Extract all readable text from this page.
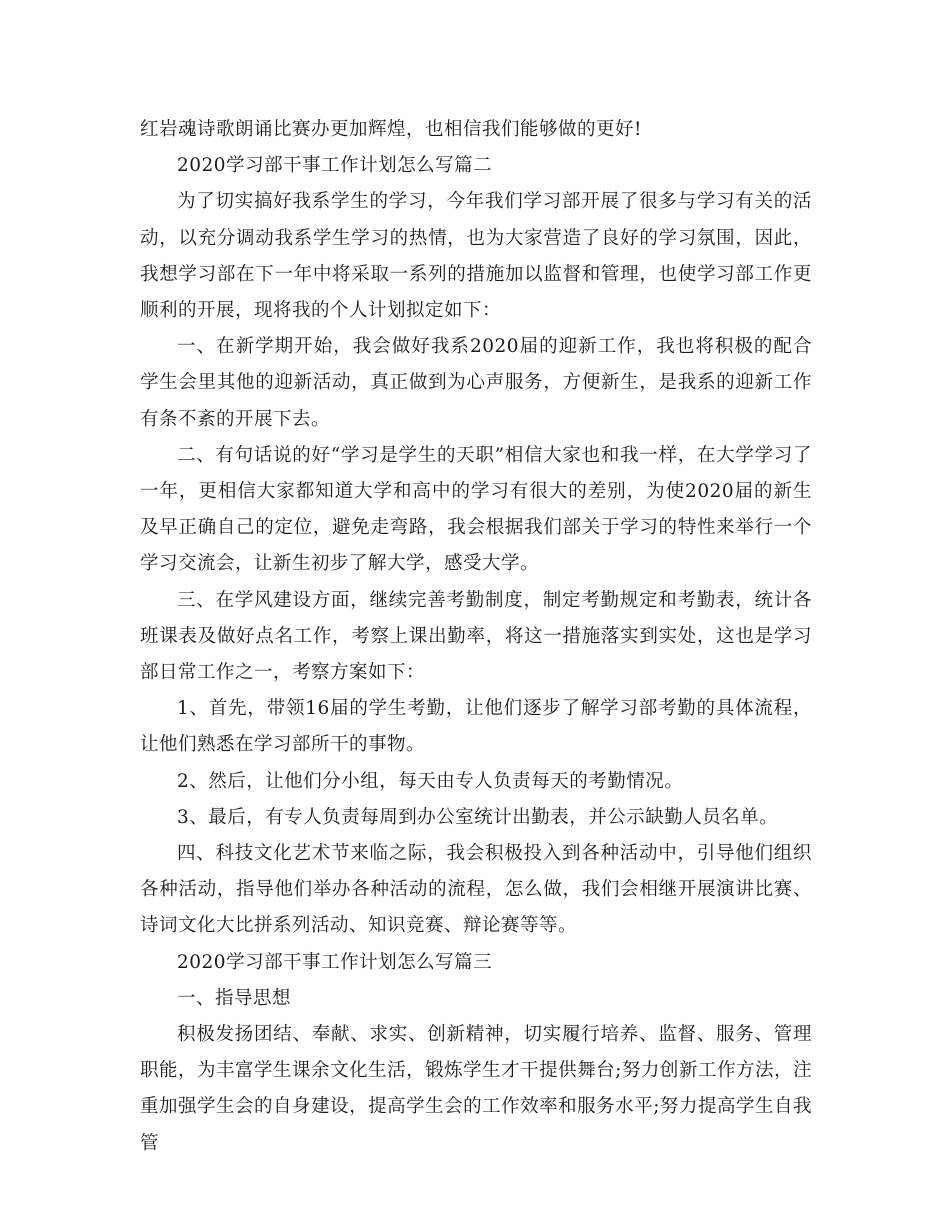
红岩魂诗歌朗诵比赛办更加辉煌，也相信我们能够做的更好!

2020学习部干事工作计划怎么写篇二

为了切实搞好我系学生的学习，今年我们学习部开展了很多与学习有关的活动，以充分调动我系学生学习的热情，也为大家营造了良好的学习氛围，因此，我想学习部在下一年中将采取一系列的措施加以监督和管理，也使学习部工作更顺利的开展，现将我的个人计划拟定如下：

一、在新学期开始，我会做好我系2020届的迎新工作，我也将积极的配合学生会里其他的迎新活动，真正做到为心声服务，方便新生，是我系的迎新工作有条不紊的开展下去。

二、有句话说的好“学习是学生的天职”相信大家也和我一样，在大学学习了一年，更相信大家都知道大学和高中的学习有很大的差别，为使2020届的新生及早正确自己的定位，避免走弯路，我会根据我们部关于学习的特性来举行一个学习交流会，让新生初步了解大学，感受大学。

三、在学风建设方面，继续完善考勤制度，制定考勤规定和考勤表，统计各班课表及做好点名工作，考察上课出勤率，将这一措施落实到实处，这也是学习部日常工作之一，考察方案如下：

1、首先，带领16届的学生考勤，让他们逐步了解学习部考勤的具体流程，让他们熟悉在学习部所干的事物。

2、然后，让他们分小组，每天由专人负责每天的考勤情况。

3、最后，有专人负责每周到办公室统计出勤表，并公示缺勤人员名单。

四、科技文化艺术节来临之际，我会积极投入到各种活动中，引导他们组织各种活动，指导他们举办各种活动的流程，怎么做，我们会相继开展演讲比赛、诗词文化大比拼系列活动、知识竞赛、辩论赛等等。

2020学习部干事工作计划怎么写篇三

一、指导思想

积极发扬团结、奉献、求实、创新精神，切实履行培养、监督、服务、管理职能，为丰富学生课余文化生活，锻炼学生才干提供舞台;努力创新工作方法，注重加强学生会的自身建设，提高学生会的工作效率和服务水平;努力提高学生自我管
